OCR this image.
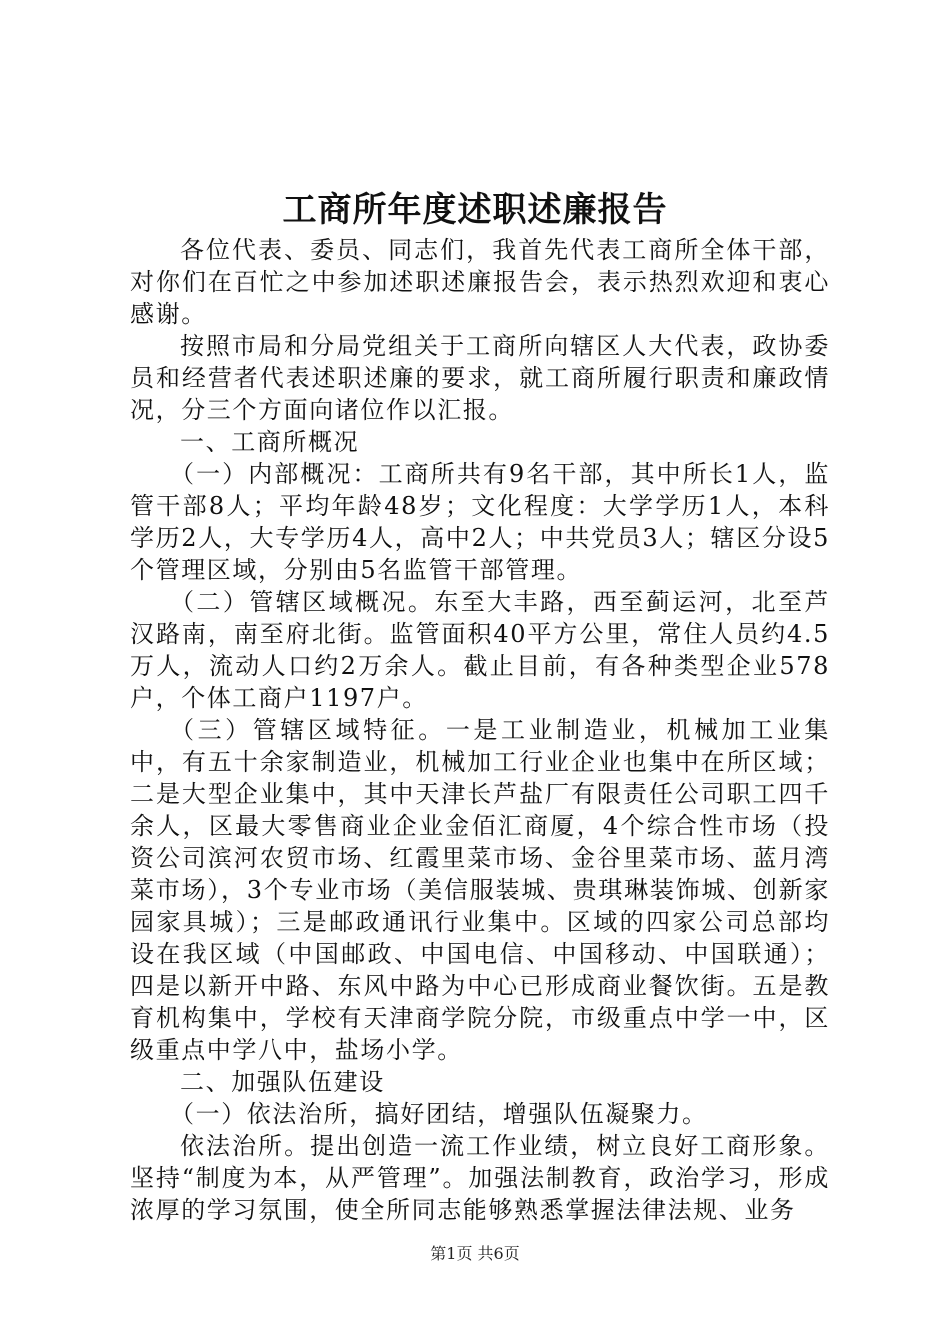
工商所年度述职述廉报告

各位代表、委员、同志们，我首先代表工商所全体干部，对你们在百忙之中参加述职述廉报告会，表示热烈欢迎和衷心感谢。

按照市局和分局党组关于工商所向辖区人大代表，政协委员和经营者代表述职述廉的要求，就工商所履行职责和廉政情况，分三个方面向诸位作以汇报。

一、工商所概况

（一）内部概况：工商所共有9名干部，其中所长1人，监管干部8人；平均年龄48岁；文化程度：大学学历1人，本科学历2人，大专学历4人，高中2人；中共党员3人；辖区分设5个管理区域，分别由5名监管干部管理。

（二）管辖区域概况。东至大丰路，西至蓟运河，北至芦汉路南，南至府北街。监管面积40平方公里，常住人员约4.5万人，流动人口约2万余人。截止目前，有各种类型企业578户，个体工商户1197户。

（三）管辖区域特征。一是工业制造业，机械加工业集中，有五十余家制造业，机械加工行业企业也集中在所区域；二是大型企业集中，其中天津长芦盐厂有限责任公司职工四千余人，区最大零售商业企业金佰汇商厦，4个综合性市场（投资公司滨河农贸市场、红霞里菜市场、金谷里菜市场、蓝月湾菜市场），3个专业市场（美信服装城、贵琪琳装饰城、创新家园家具城）；三是邮政通讯行业集中。区域的四家公司总部均设在我区域（中国邮政、中国电信、中国移动、中国联通）；四是以新开中路、东风中路为中心已形成商业餐饮街。五是教育机构集中，学校有天津商学院分院，市级重点中学一中，区级重点中学八中，盐场小学。

二、加强队伍建设

（一）依法治所，搞好团结，增强队伍凝聚力。

依法治所。提出创造一流工作业绩，树立良好工商形象。坚持“制度为本，从严管理”。加强法制教育，政治学习，形成浓厚的学习氛围，使全所同志能够熟悉掌握法律法规、业务

第1页 共6页
